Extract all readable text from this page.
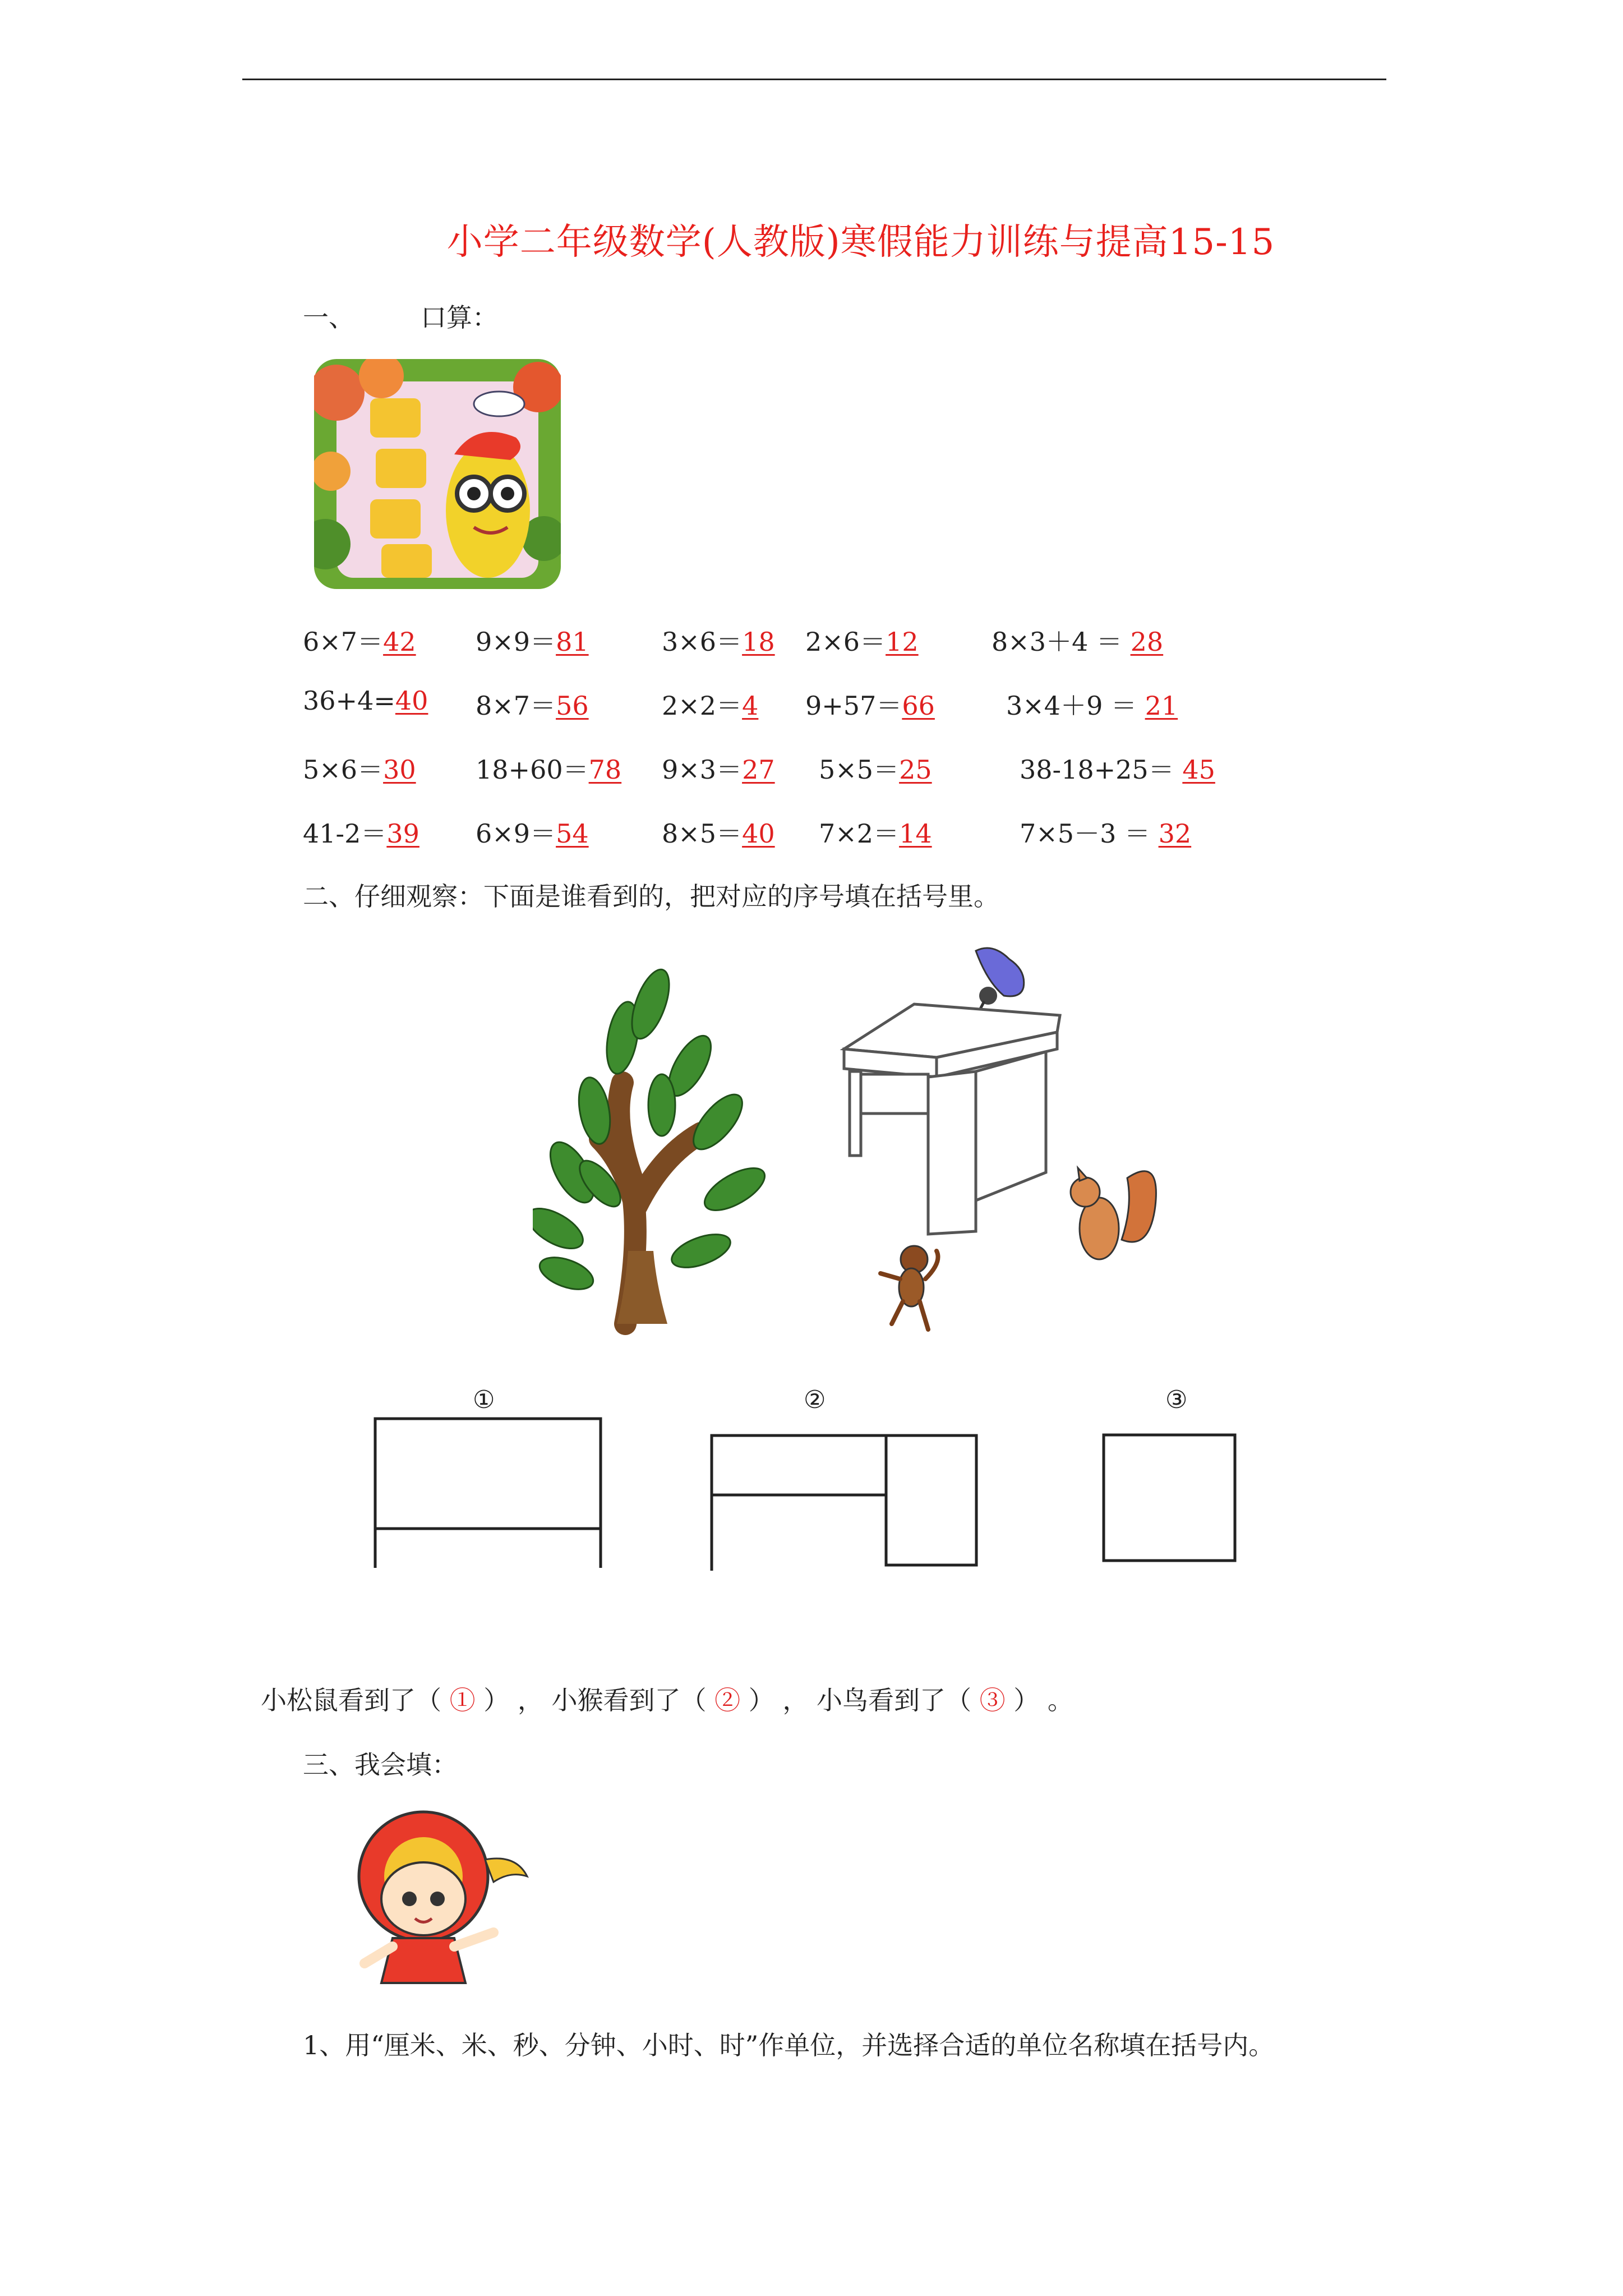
小学二年级数学(人教版)寒假能力训练与提高15-15
一、	口算：
6×7＝42 9×9＝81	3×6＝18 2×6＝12	8×3＋4 ＝ 28
36+4=40 8×7＝56	2×2＝4 9+57＝66	3×4＋9 ＝ 21
5×6＝30 18+60＝78 9×3＝27 5×5＝25	38-18+25＝ 45
41-2＝39 6×9＝54	8×5＝40 7×2＝14	7×5－3 ＝ 32
二、仔细观察：下面是谁看到的，把对应的序号填在括号里。
①	②	③
小松鼠看到了（ ① ） ， 小猴看到了（ ② ） ， 小鸟看到了（ ③ ） 。
三、我会填：
1、用“厘米、米、秒、分钟、小时、时”作单位，并选择合适的单位名称填在括号内。
